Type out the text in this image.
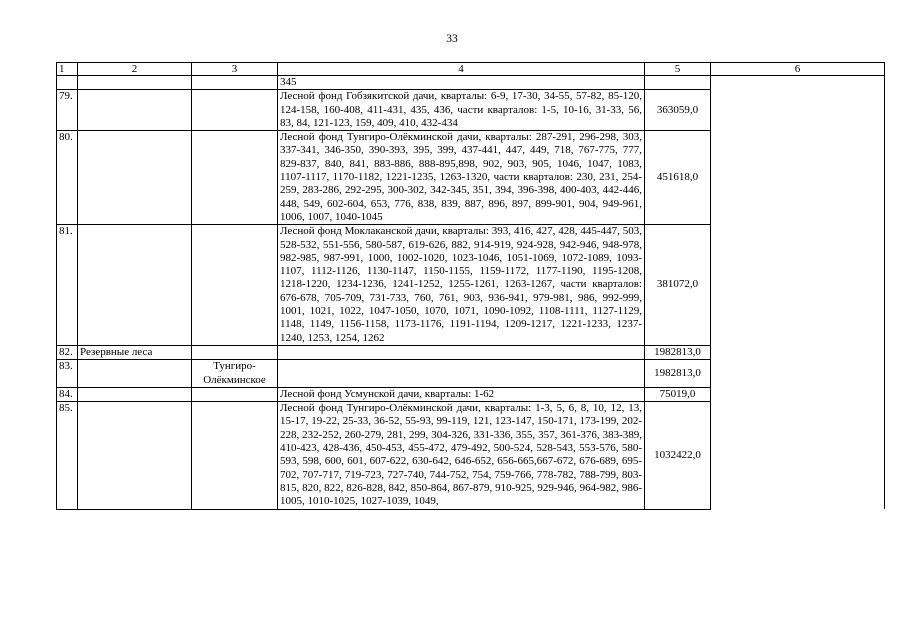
33
1	2	3	4	5	6
			345		
79.			Лесной фонд Гобзякитской дачи, кварталы: 6-9, 17-30, 34-55, 57-82, 85-120, 124-158, 160-408, 411-431, 435, 436, части кварталов: 1-5, 10-16, 31-33, 56, 83, 84, 121-123, 159, 409, 410, 432-434	363059,0	
80.			Лесной фонд Тунгиро-Олёкминской дачи, кварталы: 287-291, 296-298, 303, 337-341, 346-350, 390-393, 395, 399, 437-441, 447, 449, 718, 767-775, 777, 829-837, 840, 841, 883-886, 888-895,898, 902, 903, 905, 1046, 1047, 1083, 1107-1117, 1170-1182, 1221-1235, 1263-1320, части кварталов: 230, 231, 254-259, 283-286, 292-295, 300-302, 342-345, 351, 394, 396-398, 400-403, 442-446, 448, 549, 602-604, 653, 776, 838, 839, 887, 896, 897, 899-901, 904, 949-961, 1006, 1007, 1040-1045	451618,0	
81.			Лесной фонд Моклаканской дачи, кварталы: 393, 416, 427, 428, 445-447, 503, 528-532, 551-556, 580-587, 619-626, 882, 914-919, 924-928, 942-946, 948-978, 982-985, 987-991, 1000, 1002-1020, 1023-1046, 1051-1069, 1072-1089, 1093-1107, 1112-1126, 1130-1147, 1150-1155, 1159-1172, 1177-1190, 1195-1208, 1218-1220, 1234-1236, 1241-1252, 1255-1261, 1263-1267, части кварталов: 676-678, 705-709, 731-733, 760, 761, 903, 936-941, 979-981, 986, 992-999, 1001, 1021, 1022, 1047-1050, 1070, 1071, 1090-1092, 1108-1111, 1127-1129, 1148, 1149, 1156-1158, 1173-1176, 1191-1194, 1209-1217, 1221-1233, 1237-1240, 1253, 1254, 1262	381072,0	
82.	Резервные леса			1982813,0	
83.		Тунгиро-Олёкминское		1982813,0	
84.			Лесной фонд Усмунской дачи, кварталы: 1-62	75019,0	
85.			Лесной фонд Тунгиро-Олёкминской дачи, кварталы: 1-3, 5, 6, 8, 10, 12, 13, 15-17, 19-22, 25-33, 36-52, 55-93, 99-119, 121, 123-147, 150-171, 173-199, 202-228, 232-252, 260-279, 281, 299, 304-326, 331-336, 355, 357, 361-376, 383-389, 410-423, 428-436, 450-453, 455-472, 479-492, 500-524, 528-543, 553-576, 580-593, 598, 600, 601, 607-622, 630-642, 646-652, 656-665,667-672, 676-689, 695-702, 707-717, 719-723, 727-740, 744-752, 754, 759-766, 778-782, 788-799, 803-815, 820, 822, 826-828, 842, 850-864, 867-879, 910-925, 929-946, 964-982, 986-1005, 1010-1025, 1027-1039, 1049,	1032422,0	
